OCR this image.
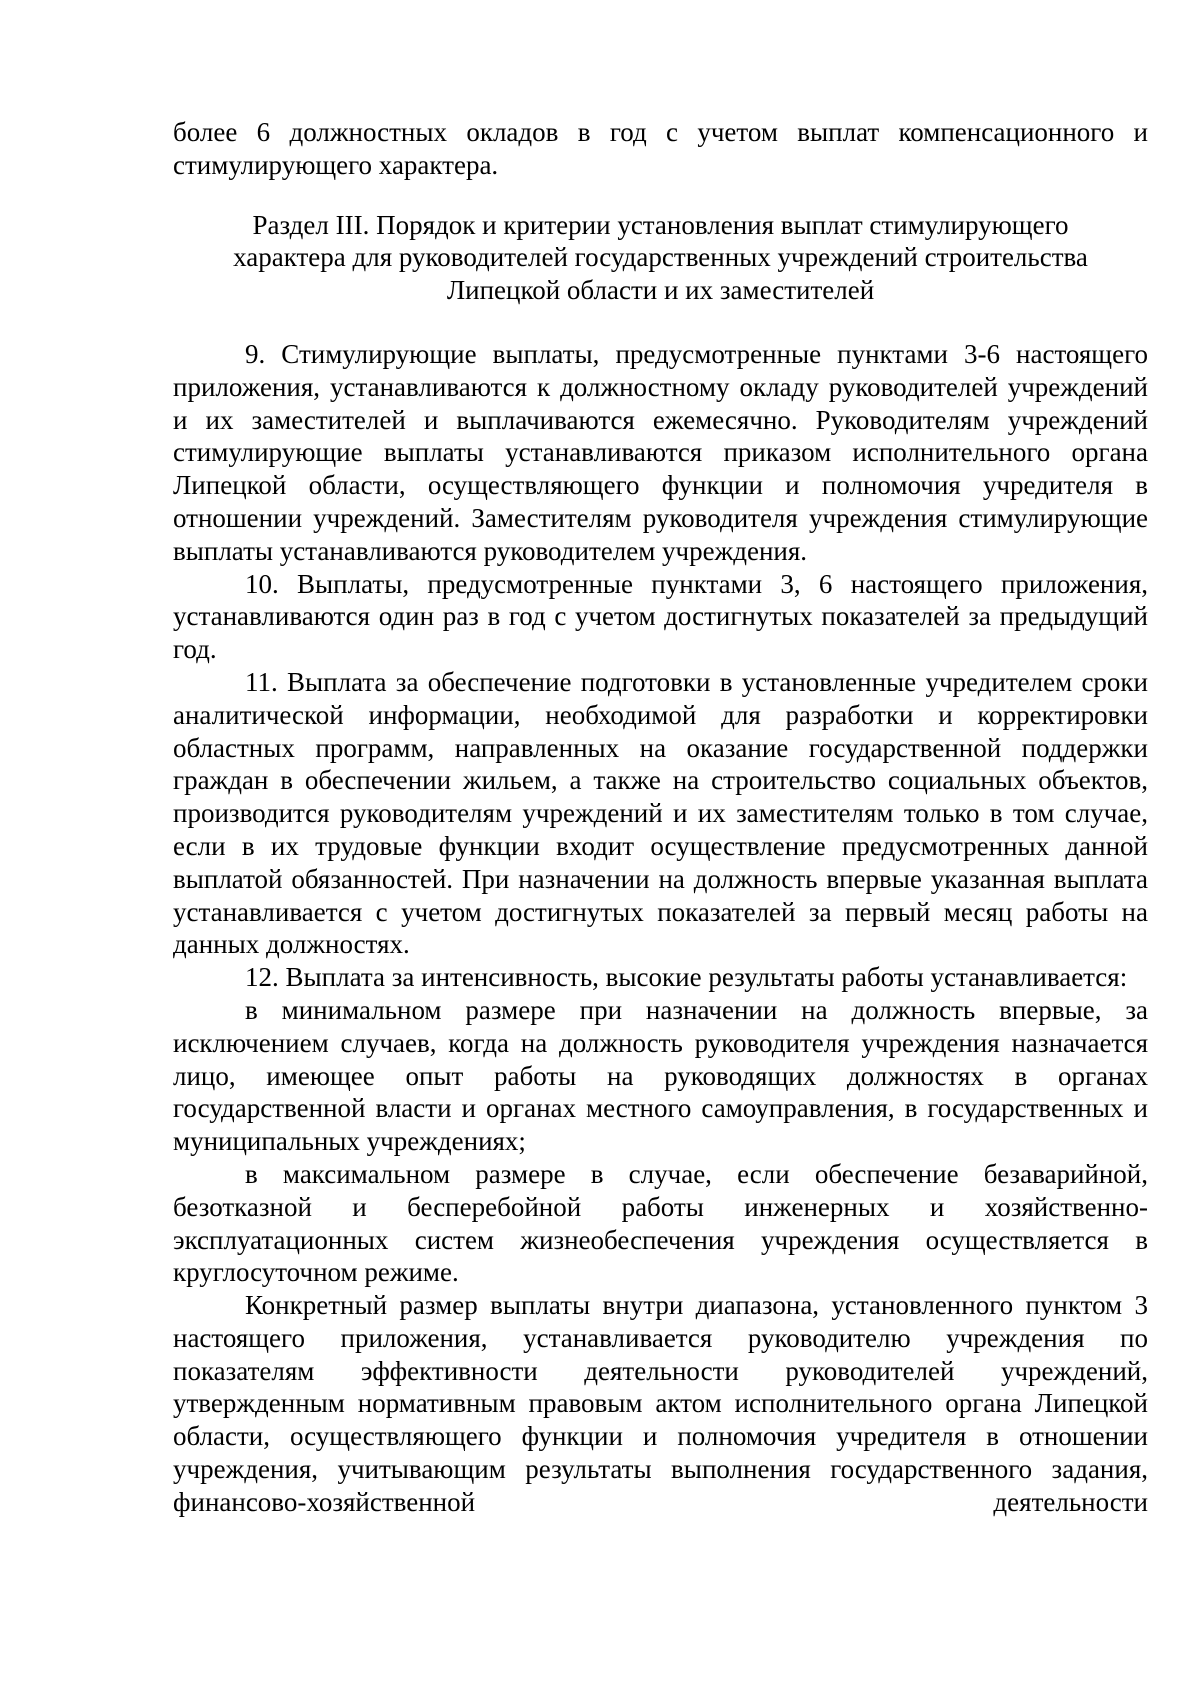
более 6 должностных окладов в год с учетом выплат компенсационного и стимулирующего характера.

Раздел III. Порядок и критерии установления выплат стимулирующего
характера для руководителей государственных учреждений строительства
Липецкой области и их заместителей

9. Стимулирующие выплаты, предусмотренные пунктами 3-6 настоящего приложения, устанавливаются к должностному окладу руководителей учреждений и их заместителей и выплачиваются ежемесячно. Руководителям учреждений стимулирующие выплаты устанавливаются приказом исполнительного органа Липецкой области, осуществляющего функции и полномочия учредителя в отношении учреждений. Заместителям руководителя учреждения стимулирующие выплаты устанавливаются руководителем учреждения.

10. Выплаты, предусмотренные пунктами 3, 6 настоящего приложения, устанавливаются один раз в год с учетом достигнутых показателей за предыдущий год.

11. Выплата за обеспечение подготовки в установленные учредителем сроки аналитической информации, необходимой для разработки и корректировки областных программ, направленных на оказание государственной поддержки граждан в обеспечении жильем, а также на строительство социальных объектов, производится руководителям учреждений и их заместителям только в том случае, если в их трудовые функции входит осуществление предусмотренных данной выплатой обязанностей. При назначении на должность впервые указанная выплата устанавливается с учетом достигнутых показателей за первый месяц работы на данных должностях.

12. Выплата за интенсивность, высокие результаты работы устанавливается:

в минимальном размере при назначении на должность впервые, за исключением случаев, когда на должность руководителя учреждения назначается лицо, имеющее опыт работы на руководящих должностях в органах государственной власти и органах местного самоуправления, в государственных и муниципальных учреждениях;

в максимальном размере в случае, если обеспечение безаварийной, безотказной и бесперебойной работы инженерных и хозяйственно-эксплуатационных систем жизнеобеспечения учреждения осуществляется в круглосуточном режиме.

Конкретный размер выплаты внутри диапазона, установленного пунктом 3 настоящего приложения, устанавливается руководителю учреждения по показателям эффективности деятельности руководителей учреждений, утвержденным нормативным правовым актом исполнительного органа Липецкой области, осуществляющего функции и полномочия учредителя в отношении учреждения, учитывающим результаты выполнения государственного задания, финансово-хозяйственной деятельности
